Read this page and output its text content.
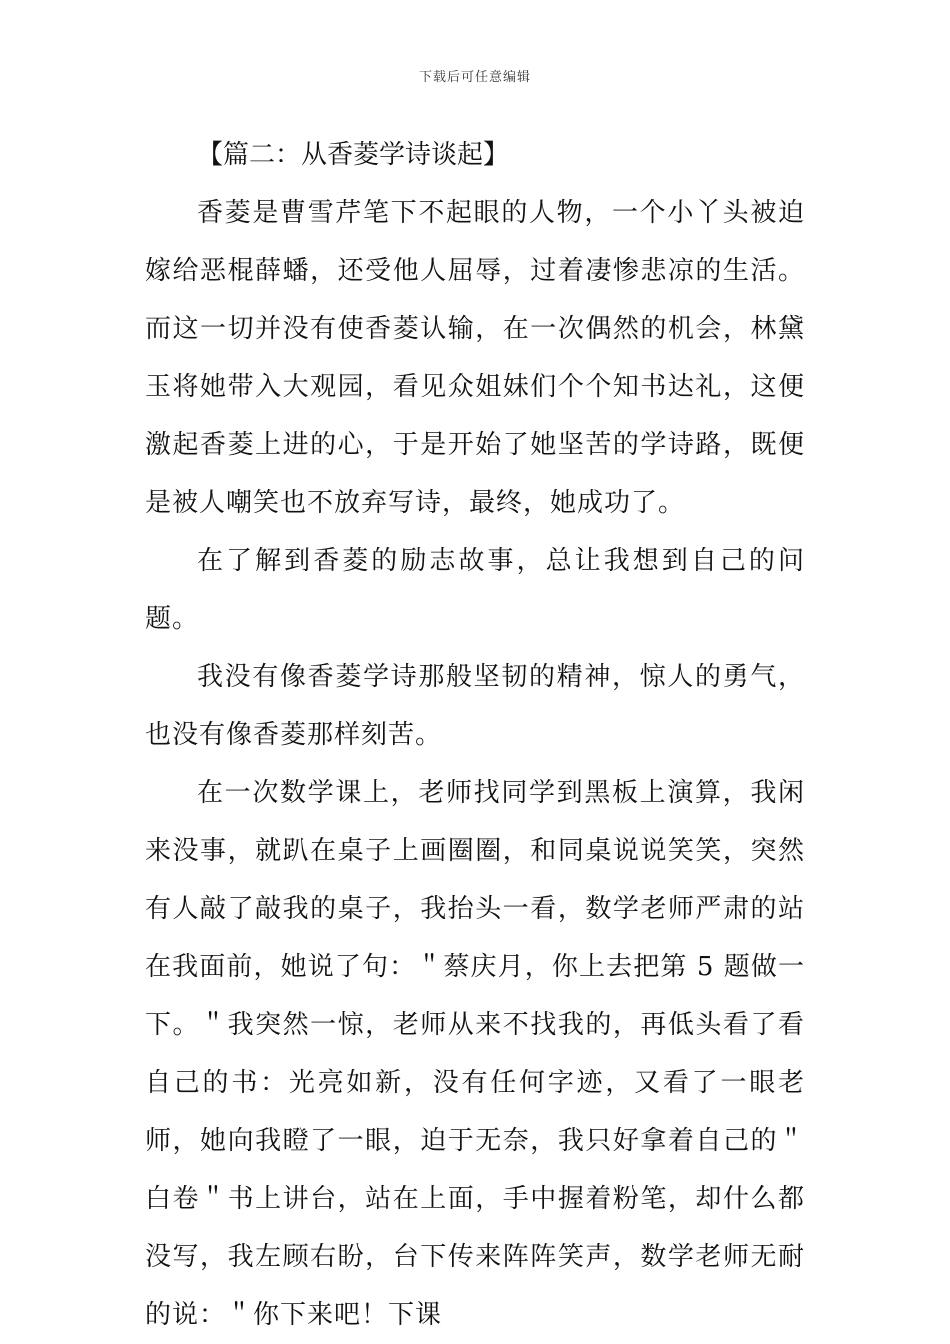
下载后可任意编辑

【篇二：从香菱学诗谈起】

香菱是曹雪芹笔下不起眼的人物，一个小丫头被迫嫁给恶棍薛蟠，还受他人屈辱，过着凄惨悲凉的生活。而这一切并没有使香菱认输，在一次偶然的机会，林黛玉将她带入大观园，看见众姐妹们个个知书达礼，这便激起香菱上进的心，于是开始了她坚苦的学诗路，既便是被人嘲笑也不放弃写诗，最终，她成功了。

在了解到香菱的励志故事，总让我想到自己的问题。

我没有像香菱学诗那般坚韧的精神，惊人的勇气，也没有像香菱那样刻苦。

在一次数学课上，老师找同学到黑板上演算，我闲来没事，就趴在桌子上画圈圈，和同桌说说笑笑，突然有人敲了敲我的桌子，我抬头一看，数学老师严肃的站在我面前，她说了句：＂蔡庆月，你上去把第 5 题做一下。＂我突然一惊，老师从来不找我的，再低头看了看自己的书：光亮如新，没有任何字迹，又看了一眼老师，她向我瞪了一眼，迫于无奈，我只好拿着自己的＂白卷＂书上讲台，站在上面，手中握着粉笔，却什么都没写，我左顾右盼，台下传来阵阵笑声，数学老师无耐的说：＂你下来吧！下课
